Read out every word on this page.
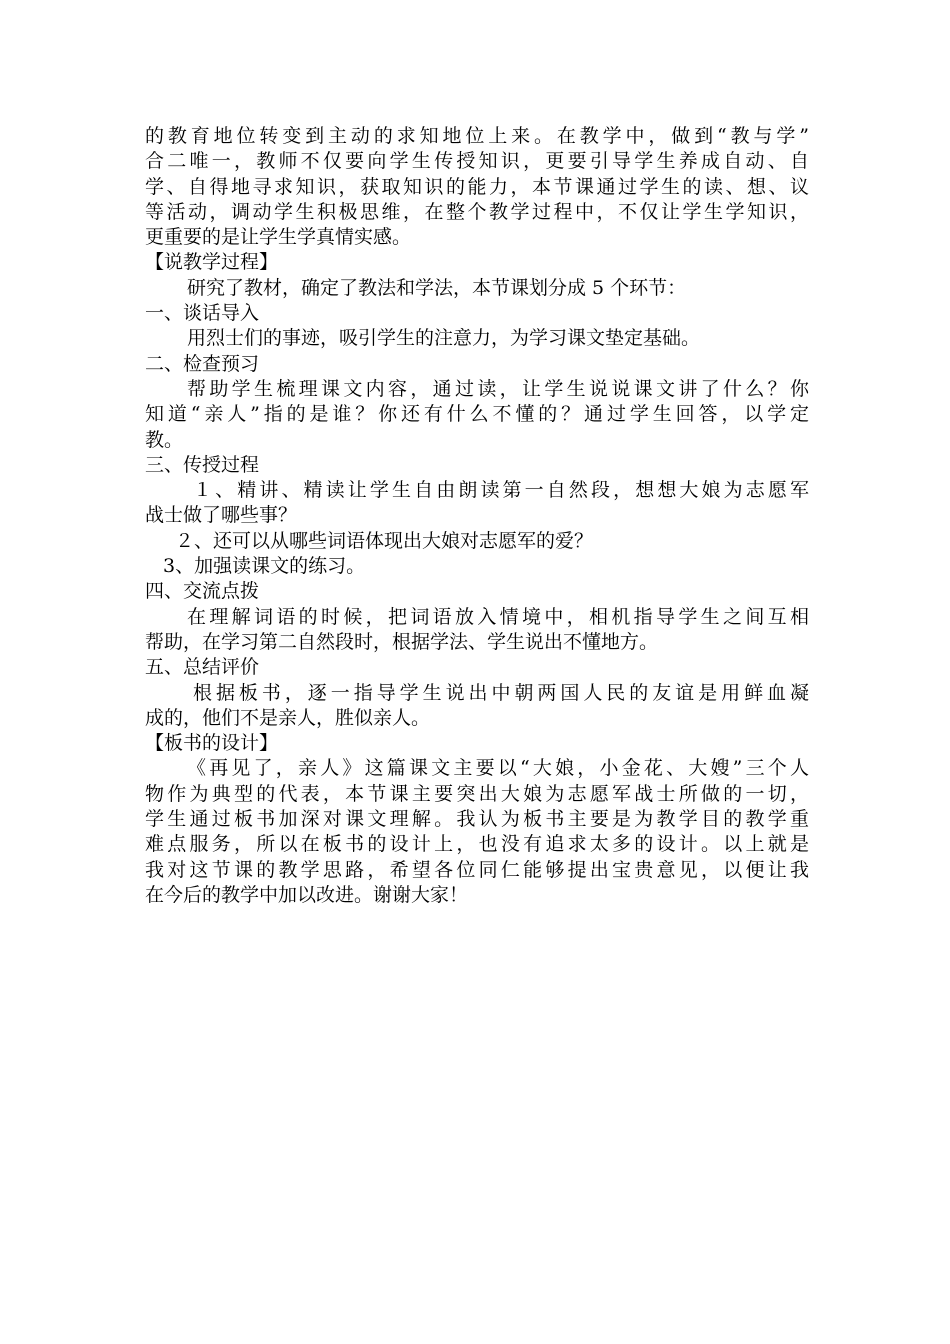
的教育地位转变到主动的求知地位上来。在教学中，做到“教与学”
合二唯一，教师不仅要向学生传授知识，更要引导学生养成自动、自
学、自得地寻求知识，获取知识的能力，本节课通过学生的读、想、议
等活动，调动学生积极思维，在整个教学过程中，不仅让学生学知识，
更重要的是让学生学真情实感。
【说教学过程】
研究了教材，确定了教法和学法，本节课划分成 5 个环节：
一、谈话导入
用烈士们的事迹，吸引学生的注意力，为学习课文垫定基础。
二、检查预习
帮助学生梳理课文内容，通过读，让学生说说课文讲了什么？你
知道“亲人”指的是谁？你还有什么不懂的？通过学生回答，以学定
教。
三、传授过程
１、精讲、精读让学生自由朗读第一自然段，想想大娘为志愿军
战士做了哪些事？
２、还可以从哪些词语体现出大娘对志愿军的爱？
3、加强读课文的练习。
四、交流点拨
在理解词语的时候，把词语放入情境中，相机指导学生之间互相
帮助，在学习第二自然段时，根据学法、学生说出不懂地方。
五、总结评价
根据板书，逐一指导学生说出中朝两国人民的友谊是用鲜血凝
成的，他们不是亲人，胜似亲人。
【板书的设计】
《再见了，亲人》这篇课文主要以“大娘，小金花、大嫂”三个人
物作为典型的代表，本节课主要突出大娘为志愿军战士所做的一切，
学生通过板书加深对课文理解。我认为板书主要是为教学目的教学重
难点服务，所以在板书的设计上，也没有追求太多的设计。以上就是
我对这节课的教学思路，希望各位同仁能够提出宝贵意见，以便让我
在今后的教学中加以改进。谢谢大家！
